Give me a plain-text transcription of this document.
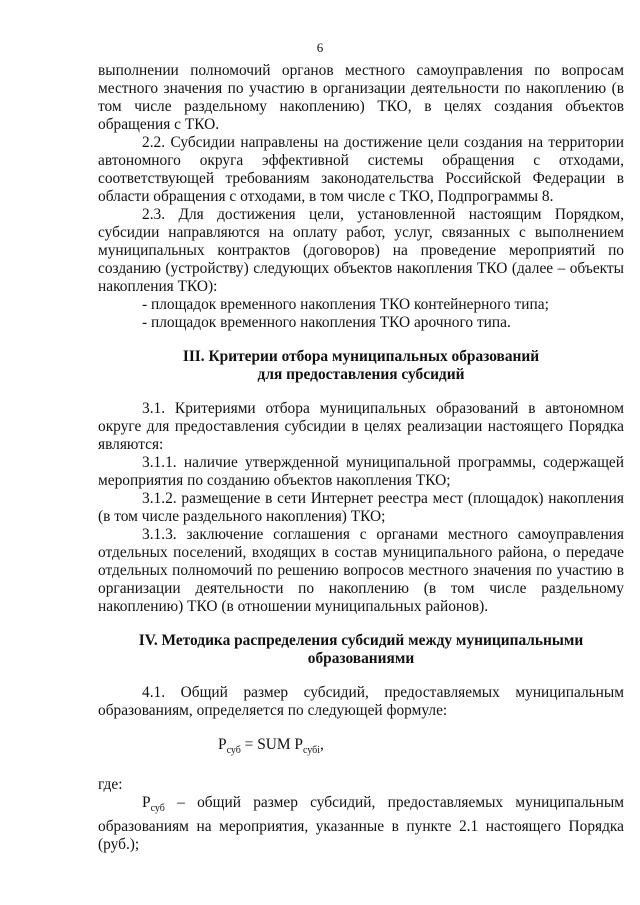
6

выполнении полномочий органов местного самоуправления по вопросам местного значения по участию в организации деятельности по накоплению (в том числе раздельному накоплению) ТКО, в целях создания объектов обращения с ТКО.

2.2. Субсидии направлены на достижение цели создания на территории автономного округа эффективной системы обращения с отходами, соответствующей требованиям законодательства Российской Федерации в области обращения с отходами, в том числе с ТКО, Подпрограммы 8.

2.3. Для достижения цели, установленной настоящим Порядком, субсидии направляются на оплату работ, услуг, связанных с выполнением муниципальных контрактов (договоров) на проведение мероприятий по созданию (устройству) следующих объектов накопления ТКО (далее – объекты накопления ТКО):

- площадок временного накопления ТКО контейнерного типа;

- площадок временного накопления ТКО арочного типа.

III. Критерии отбора муниципальных образований
для предоставления субсидий

3.1. Критериями отбора муниципальных образований в автономном округе для предоставления субсидии в целях реализации настоящего Порядка являются:

3.1.1. наличие утвержденной муниципальной программы, содержащей мероприятия по созданию объектов накопления ТКО;

3.1.2. размещение в сети Интернет реестра мест (площадок) накопления (в том числе раздельного накопления) ТКО;

3.1.3. заключение соглашения с органами местного самоуправления отдельных поселений, входящих в состав муниципального района, о передаче отдельных полномочий по решению вопросов местного значения по участию в организации деятельности по накоплению (в том числе раздельному накоплению) ТКО (в отношении муниципальных районов).

IV. Методика распределения субсидий между муниципальными
образованиями

4.1. Общий размер субсидий, предоставляемых муниципальным образованиям, определяется по следующей формуле:

$P_{суб}$ = SUM $P_{субi}$,

где:

$P_{суб}$ – общий размер субсидий, предоставляемых муниципальным образованиям на мероприятия, указанные в пункте 2.1 настоящего Порядка (руб.);
